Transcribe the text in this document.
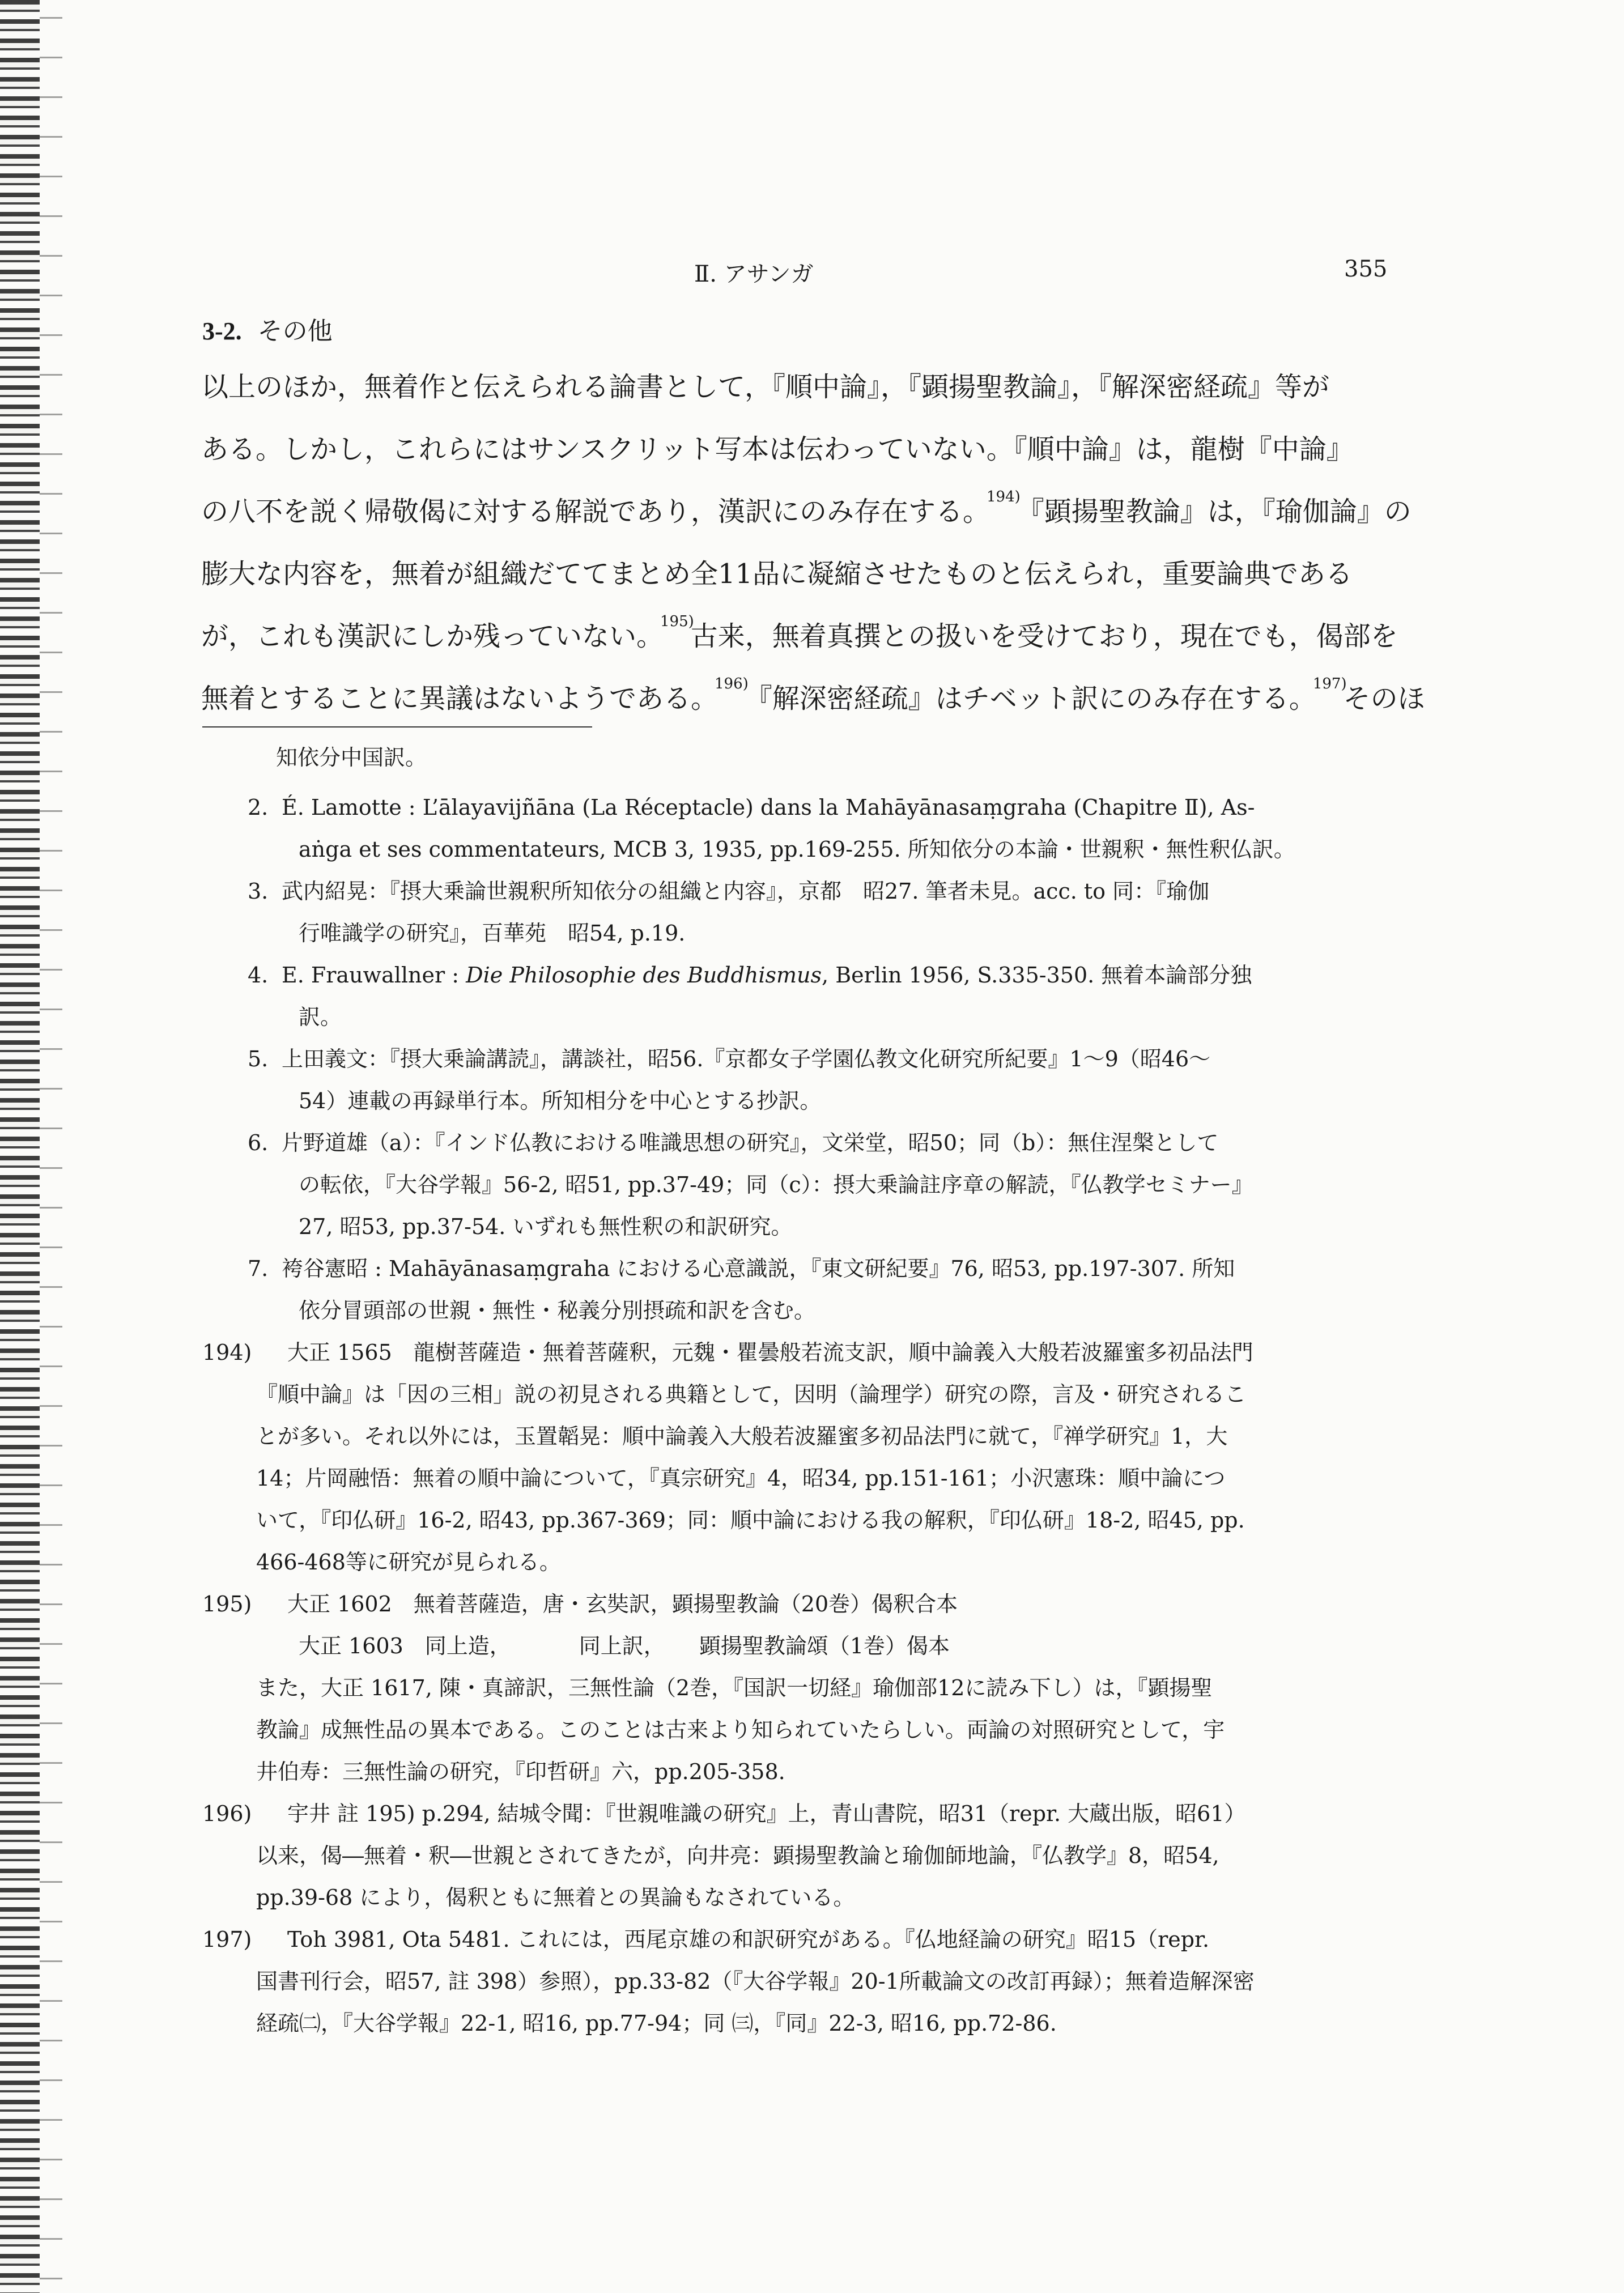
Ⅱ. アサンガ	355
3-2. その他
以上のほか，無着作と伝えられる論書として，『順中論』，『顕揚聖教論』，『解深密経疏』等が
ある。しかし，これらにはサンスクリット写本は伝わっていない。『順中論』は，龍樹『中論』
の八不を説く帰敬偈に対する解説であり，漢訳にのみ存在する。$^{194)}$『顕揚聖教論』は，『瑜伽論』の
膨大な内容を，無着が組織だててまとめ全11品に凝縮させたものと伝えられ，重要論典である
が，これも漢訳にしか残っていない。$^{195)}$古来，無着真撰との扱いを受けており，現在でも，偈部を
無着とすることに異議はないようである。$^{196)}$『解深密経疏』はチベット訳にのみ存在する。$^{197)}$そのほ
知依分中国訳。
2. É. Lamotte : L’ālayavijñāna (La Réceptacle) dans la Mahāyānasaṃgraha (Chapitre Ⅱ), As-
aṅga et ses commentateurs, MCB 3, 1935, pp.169-255. 所知依分の本論・世親釈・無性釈仏訳。
3. 武内紹晃：『摂大乗論世親釈所知依分の組織と内容』，京都　昭27. 筆者未見。acc. to 同：『瑜伽
行唯識学の研究』，百華苑　昭54, p.19.
4. E. Frauwallner : Die Philosophie des Buddhismus, Berlin 1956, S.335-350. 無着本論部分独
訳。
5. 上田義文：『摂大乗論講読』，講談社，昭56.『京都女子学園仏教文化研究所紀要』1～9（昭46～
54）連載の再録単行本。所知相分を中心とする抄訳。
6. 片野道雄（a）：『インド仏教における唯識思想の研究』，文栄堂，昭50；同（b）：無住涅槃として
の転依，『大谷学報』56-2, 昭51, pp.37-49；同（c）：摂大乗論註序章の解読，『仏教学セミナー』
27, 昭53, pp.37-54. いずれも無性釈の和訳研究。
7. 袴谷憲昭 : Mahāyānasaṃgraha における心意識説，『東文研紀要』76, 昭53, pp.197-307. 所知
依分冒頭部の世親・無性・秘義分別摂疏和訳を含む。
194) 大正 1565　龍樹菩薩造・無着菩薩釈，元魏・瞿曇般若流支訳，順中論義入大般若波羅蜜多初品法門
『順中論』は「因の三相」説の初見される典籍として，因明（論理学）研究の際，言及・研究されるこ
とが多い。それ以外には，玉置韜晃：順中論義入大般若波羅蜜多初品法門に就て，『禅学研究』1，大
14；片岡融悟：無着の順中論について，『真宗研究』4，昭34, pp.151-161；小沢憲珠：順中論につ
いて，『印仏研』16-2, 昭43, pp.367-369；同：順中論における我の解釈，『印仏研』18-2, 昭45, pp.
466-468等に研究が見られる。
195) 大正 1602　無着菩薩造，唐・玄奘訳，顕揚聖教論（20巻）偈釈合本
大正 1603　同上造，	同上訳， 顕揚聖教論頌（1巻）偈本
また，大正 1617, 陳・真諦訳，三無性論（2巻，『国訳一切経』瑜伽部12に読み下し）は，『顕揚聖
教論』成無性品の異本である。このことは古来より知られていたらしい。両論の対照研究として，宇
井伯寿：三無性論の研究，『印哲研』六，pp.205-358.
196) 宇井 註 195) p.294, 結城令聞：『世親唯識の研究』上，青山書院，昭31（repr. 大蔵出版，昭61）
以来，偈―無着・釈―世親とされてきたが，向井亮：顕揚聖教論と瑜伽師地論，『仏教学』8，昭54,
pp.39-68 により，偈釈ともに無着との異論もなされている。
197) Toh 3981, Ota 5481. これには，西尾京雄の和訳研究がある。『仏地経論の研究』昭15（repr.
国書刊行会，昭57, 註 398）参照），pp.33-82（『大谷学報』20-1所載論文の改訂再録）；無着造解深密
経疏㈡，『大谷学報』22-1, 昭16, pp.77-94；同 ㈢，『同』22-3, 昭16, pp.72-86.
